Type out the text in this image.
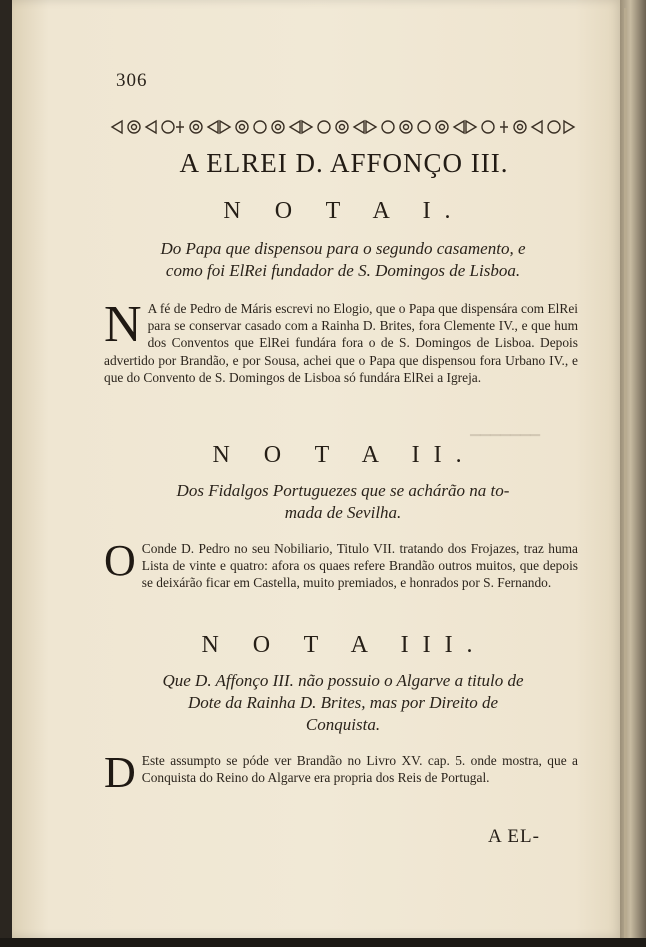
306
A ELREI D. AFFONÇO III.
N O T A I.
Do Papa que dispensou para o segundo casamento, e
como foi ElRei fundador de S. Domingos de Lisboa.

N A fé de Pedro de Máris escrevi no Elogio, que o Papa que dispensára com ElRei para se conservar casado com a Rainha D. Brites, fora Clemente IV., e que hum dos Conventos que ElRei fundára fora o de S. Domingos de Lisboa. Depois advertido por Brandão, e por Sousa, achei que o Papa que dispensou fora Urbano IV., e que do Convento de S. Domingos de Lisboa só fundára ElRei a Igreja.

N O T A II.
Dos Fidalgos Portuguezes que se achárão na to-
mada de Sevilha.

O Conde D. Pedro no seu Nobiliario, Titulo VII. tratando dos Frojazes, traz huma Lista de vinte e quatro: afora os quaes refere Brandão outros muitos, que depois se deixárão ficar em Castella, muito premiados, e honrados por S. Fernando.

N O T A III.
Que D. Affonço III. não possuio o Algarve a titulo de
Dote da Rainha D. Brites, mas por Direito de
Conquista.

D Este assumpto se póde ver Brandão no Livro XV. cap. 5. onde mostra, que a Conquista do Reino do Algarve era propria dos Reis de Portugal.

A EL-
